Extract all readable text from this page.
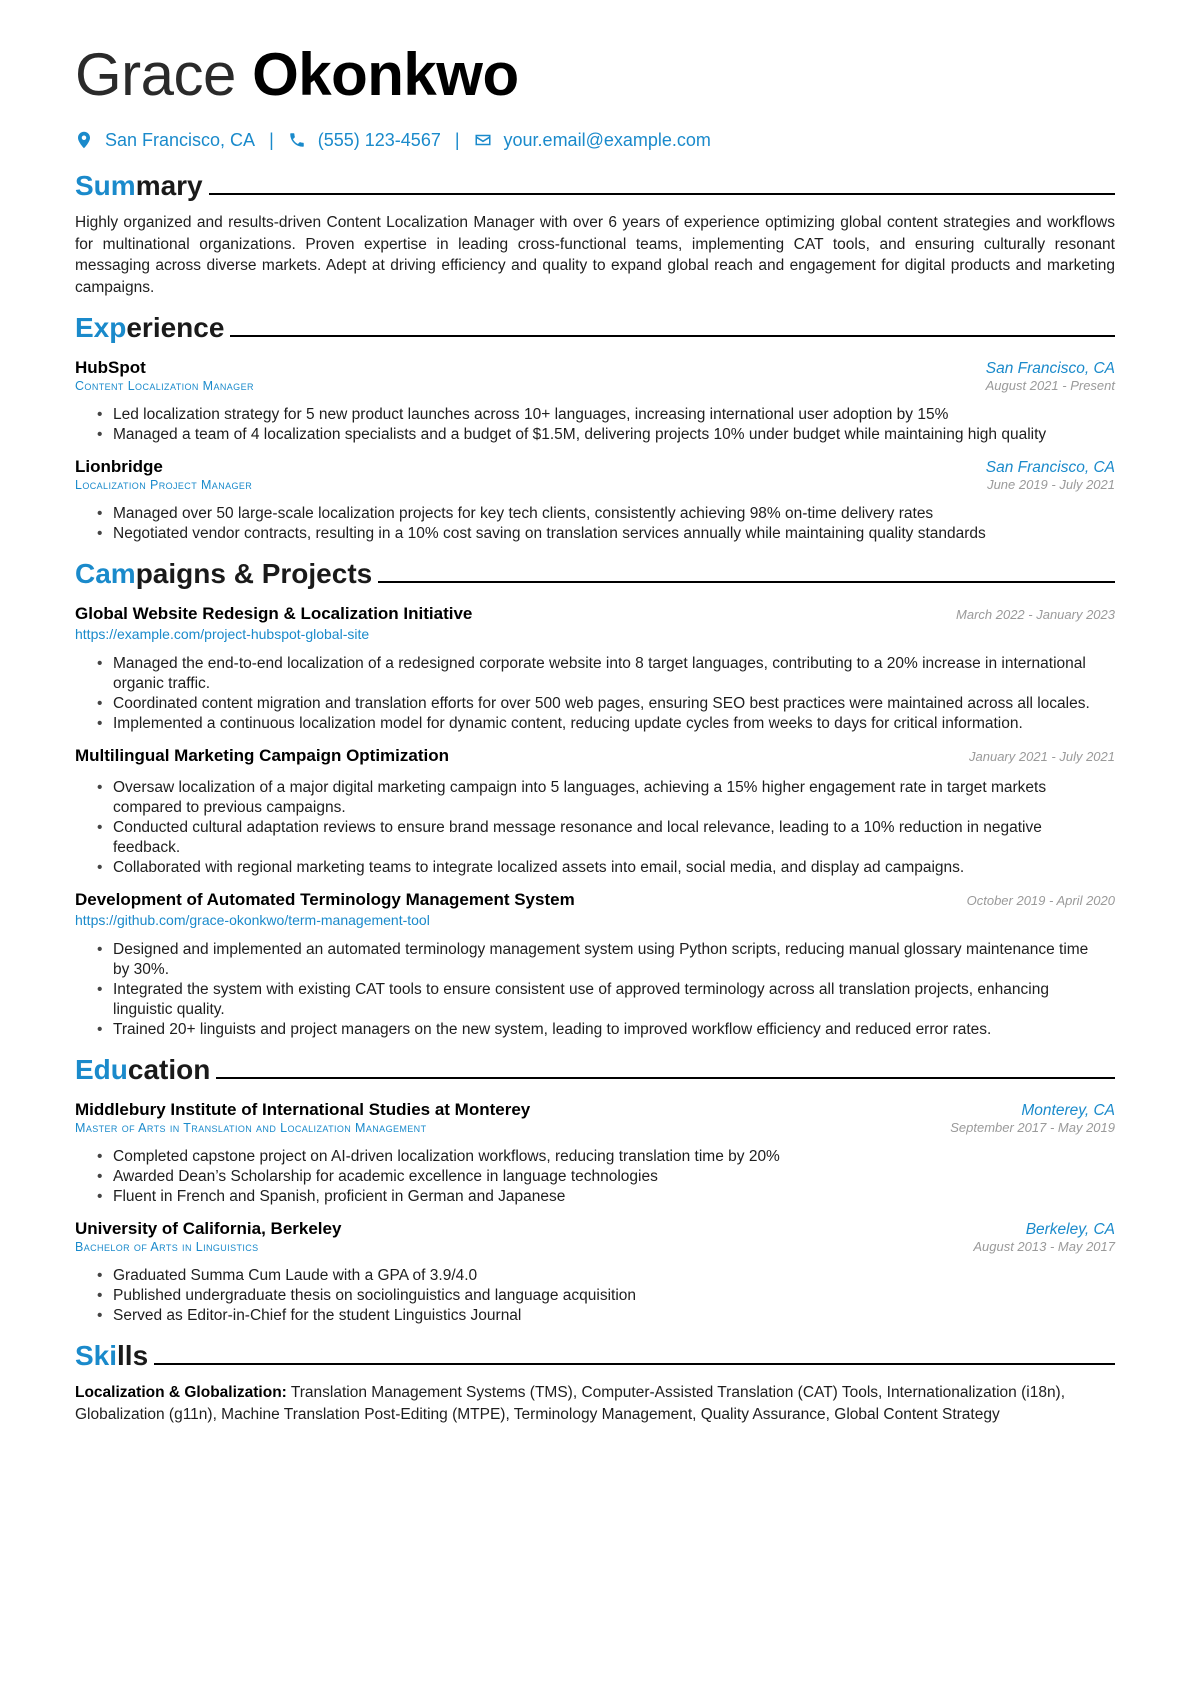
Grace Okonkwo
San Francisco, CA | (555) 123-4567 | your.email@example.com
Summary

Highly organized and results-driven Content Localization Manager with over 6 years of experience optimizing global content strategies and workflows for multinational organizations. Proven expertise in leading cross-functional teams, implementing CAT tools, and ensuring culturally resonant messaging across diverse markets. Adept at driving efficiency and quality to expand global reach and engagement for digital products and marketing campaigns.

Experience
HubSpot	San Francisco, CA
Content Localization Manager	August 2021 - Present
• Led localization strategy for 5 new product launches across 10+ languages, increasing international user adoption by 15%
• Managed a team of 4 localization specialists and a budget of $1.5M, delivering projects 10% under budget while maintaining high quality
Lionbridge	San Francisco, CA
Localization Project Manager	June 2019 - July 2021
• Managed over 50 large-scale localization projects for key tech clients, consistently achieving 98% on-time delivery rates
• Negotiated vendor contracts, resulting in a 10% cost saving on translation services annually while maintaining quality standards
Campaigns & Projects
Global Website Redesign & Localization Initiative	March 2022 - January 2023
https://example.com/project-hubspot-global-site
• Managed the end-to-end localization of a redesigned corporate website into 8 target languages, contributing to a 20% increase in international organic traffic.
• Coordinated content migration and translation efforts for over 500 web pages, ensuring SEO best practices were maintained across all locales.
• Implemented a continuous localization model for dynamic content, reducing update cycles from weeks to days for critical information.
Multilingual Marketing Campaign Optimization	January 2021 - July 2021
• Oversaw localization of a major digital marketing campaign into 5 languages, achieving a 15% higher engagement rate in target markets compared to previous campaigns.
• Conducted cultural adaptation reviews to ensure brand message resonance and local relevance, leading to a 10% reduction in negative feedback.
• Collaborated with regional marketing teams to integrate localized assets into email, social media, and display ad campaigns.
Development of Automated Terminology Management System	October 2019 - April 2020
https://github.com/grace-okonkwo/term-management-tool
• Designed and implemented an automated terminology management system using Python scripts, reducing manual glossary maintenance time by 30%.
• Integrated the system with existing CAT tools to ensure consistent use of approved terminology across all translation projects, enhancing linguistic quality.
• Trained 20+ linguists and project managers on the new system, leading to improved workflow efficiency and reduced error rates.
Education
Middlebury Institute of International Studies at Monterey	Monterey, CA
Master of Arts in Translation and Localization Management	September 2017 - May 2019
• Completed capstone project on AI-driven localization workflows, reducing translation time by 20%
• Awarded Dean’s Scholarship for academic excellence in language technologies
• Fluent in French and Spanish, proficient in German and Japanese
University of California, Berkeley	Berkeley, CA
Bachelor of Arts in Linguistics	August 2013 - May 2017
• Graduated Summa Cum Laude with a GPA of 3.9/4.0
• Published undergraduate thesis on sociolinguistics and language acquisition
• Served as Editor-in-Chief for the student Linguistics Journal
Skills
Localization & Globalization: Translation Management Systems (TMS), Computer-Assisted Translation (CAT) Tools, Internationalization (i18n), Globalization (g11n), Machine Translation Post-Editing (MTPE), Terminology Management, Quality Assurance, Global Content Strategy
